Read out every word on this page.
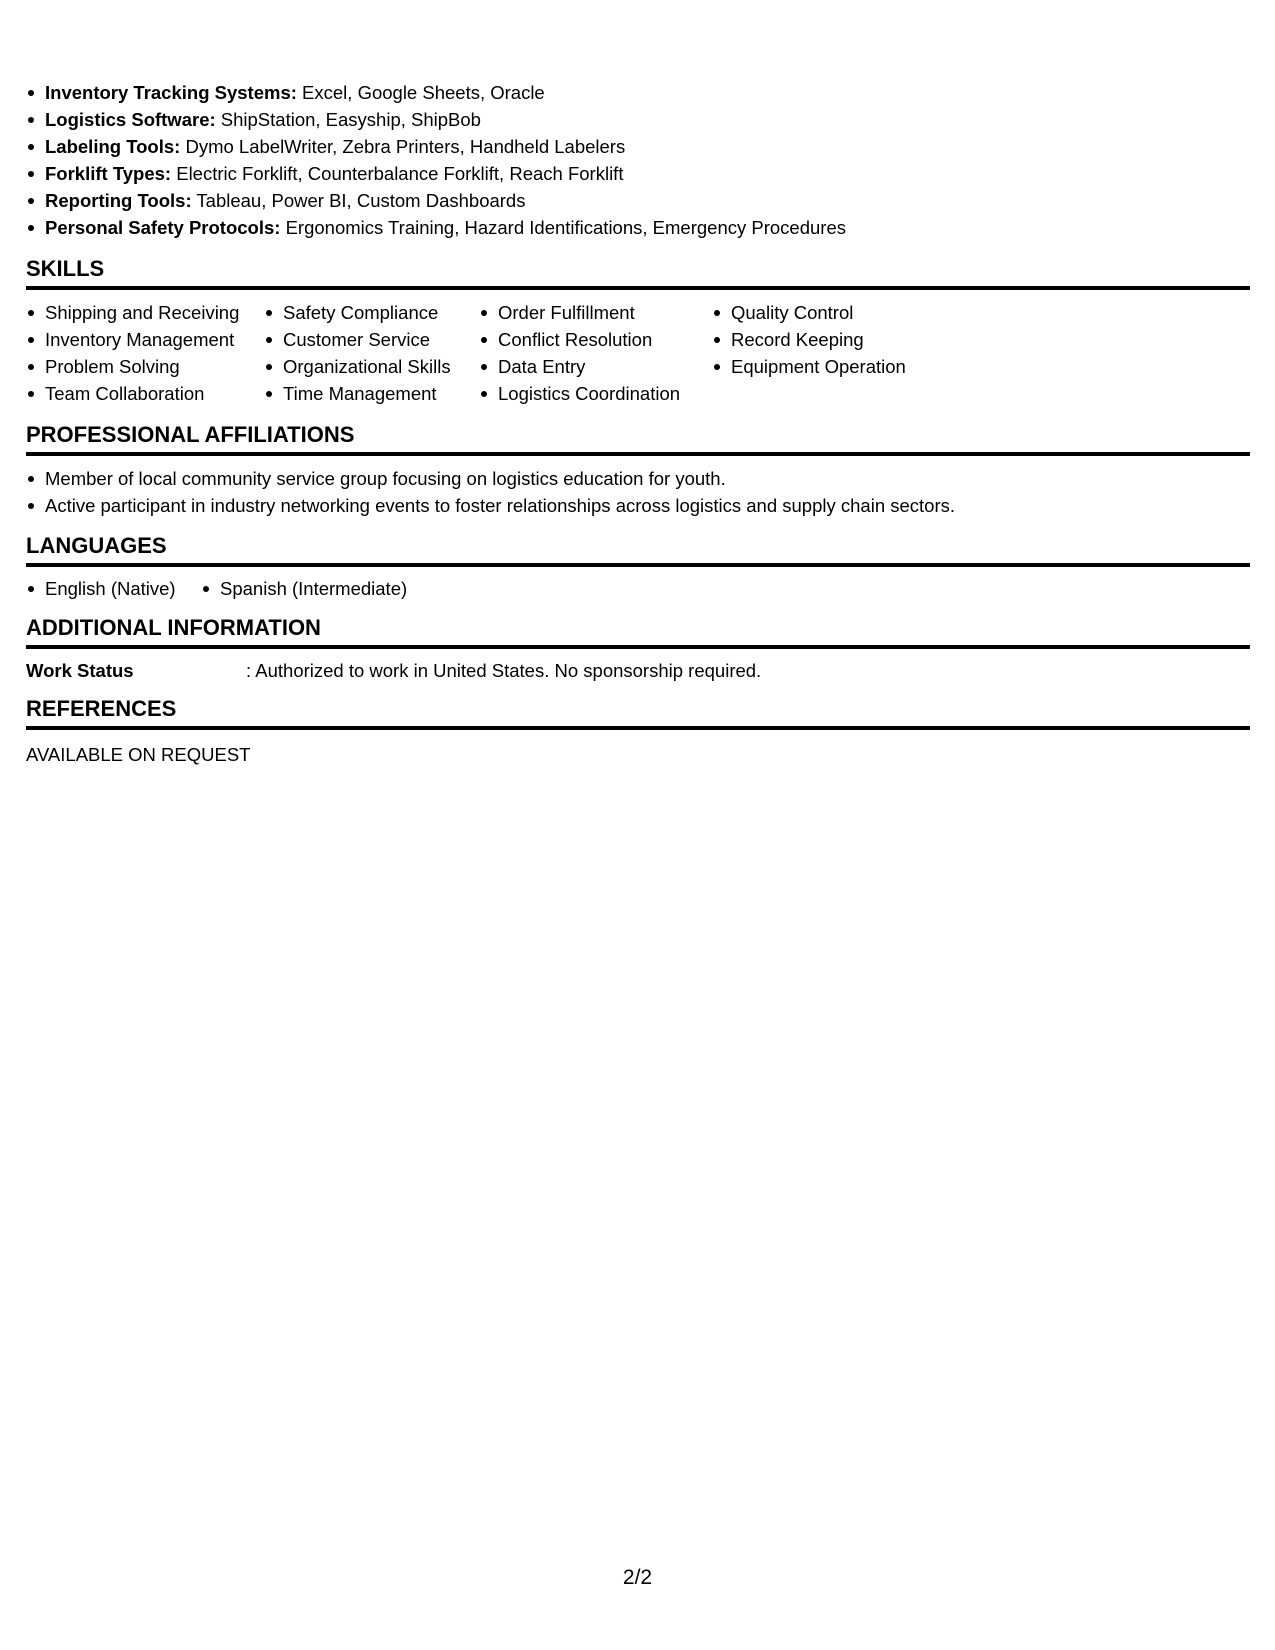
Inventory Tracking Systems: Excel, Google Sheets, Oracle
Logistics Software: ShipStation, Easyship, ShipBob
Labeling Tools: Dymo LabelWriter, Zebra Printers, Handheld Labelers
Forklift Types: Electric Forklift, Counterbalance Forklift, Reach Forklift
Reporting Tools: Tableau, Power BI, Custom Dashboards
Personal Safety Protocols: Ergonomics Training, Hazard Identifications, Emergency Procedures
SKILLS
Shipping and Receiving
Inventory Management
Problem Solving
Team Collaboration
Safety Compliance
Customer Service
Organizational Skills
Time Management
Order Fulfillment
Conflict Resolution
Data Entry
Logistics Coordination
Quality Control
Record Keeping
Equipment Operation
PROFESSIONAL AFFILIATIONS
Member of local community service group focusing on logistics education for youth.
Active participant in industry networking events to foster relationships across logistics and supply chain sectors.
LANGUAGES
English (Native)	Spanish (Intermediate)
ADDITIONAL INFORMATION
Work Status	: Authorized to work in United States. No sponsorship required.
REFERENCES
AVAILABLE ON REQUEST
2/2
